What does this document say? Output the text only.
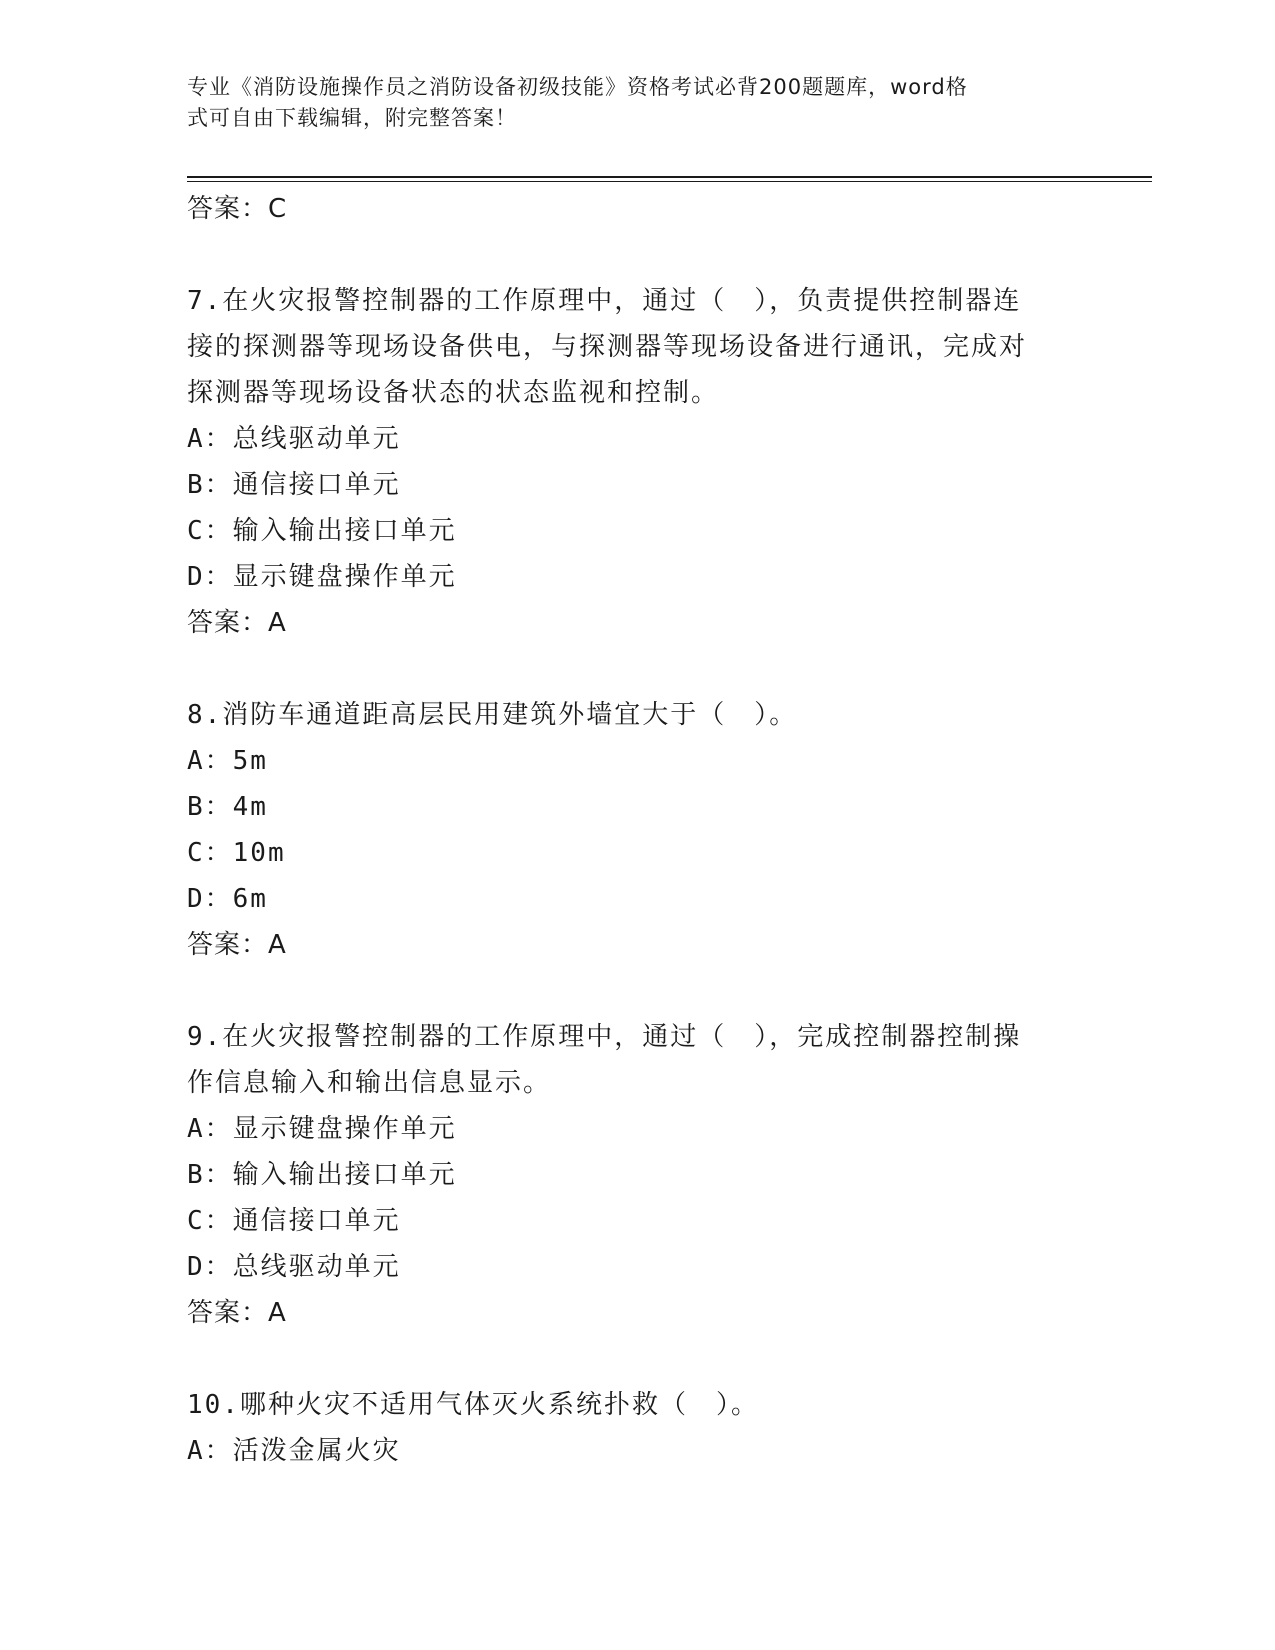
专业《消防设施操作员之消防设备初级技能》资格考试必背200题题库，word格
式可自由下载编辑，附完整答案！
答案：C
7.在火灾报警控制器的工作原理中，通过（　），负责提供控制器连
接的探测器等现场设备供电，与探测器等现场设备进行通讯，完成对
探测器等现场设备状态的状态监视和控制。
A：总线驱动单元
B：通信接口单元
C：输入输出接口单元
D：显示键盘操作单元
答案：A
8.消防车通道距高层民用建筑外墙宜大于（　）。
A：5m
B：4m
C：10m
D：6m
答案：A
9.在火灾报警控制器的工作原理中，通过（　），完成控制器控制操
作信息输入和输出信息显示。
A：显示键盘操作单元
B：输入输出接口单元
C：通信接口单元
D：总线驱动单元
答案：A
10.哪种火灾不适用气体灭火系统扑救（　）。
A：活泼金属火灾
